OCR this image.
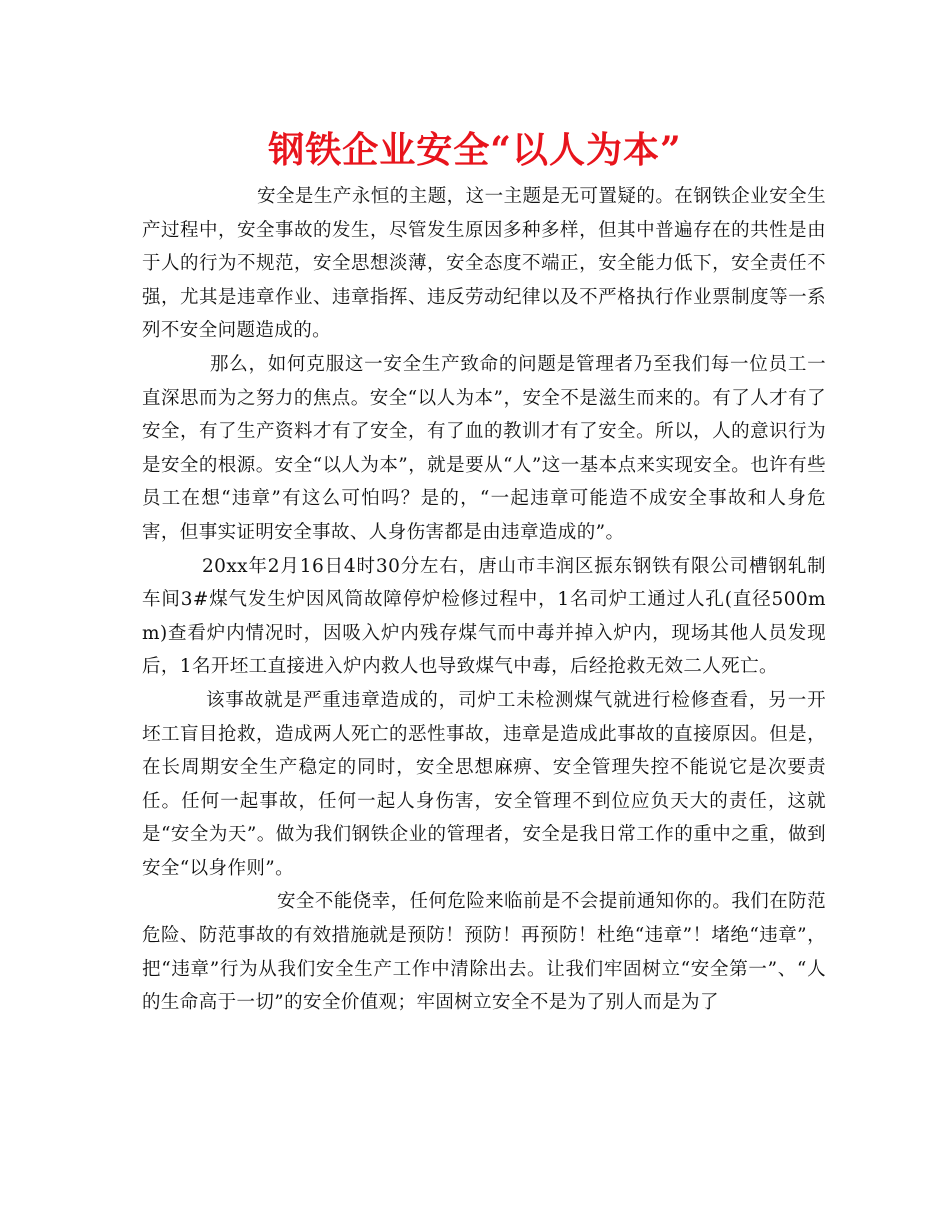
钢铁企业安全“以人为本”

安全是生产永恒的主题，这一主题是无可置疑的。在钢铁企业安全生产过程中，安全事故的发生，尽管发生原因多种多样，但其中普遍存在的共性是由于人的行为不规范，安全思想淡薄，安全态度不端正，安全能力低下，安全责任不强，尤其是违章作业、违章指挥、违反劳动纪律以及不严格执行作业票制度等一系列不安全问题造成的。

那么，如何克服这一安全生产致命的问题是管理者乃至我们每一位员工一直深思而为之努力的焦点。安全“以人为本”，安全不是滋生而来的。有了人才有了安全，有了生产资料才有了安全，有了血的教训才有了安全。所以，人的意识行为是安全的根源。安全“以人为本”，就是要从“人”这一基本点来实现安全。也许有些员工在想“违章”有这么可怕吗？是的，“一起违章可能造不成安全事故和人身危害，但事实证明安全事故、人身伤害都是由违章造成的”。

20xx年2月16日4时30分左右，唐山市丰润区振东钢铁有限公司槽钢轧制车间3#煤气发生炉因风筒故障停炉检修过程中，1名司炉工通过人孔(直径500mm)查看炉内情况时，因吸入炉内残存煤气而中毒并掉入炉内，现场其他人员发现后，1名开坯工直接进入炉内救人也导致煤气中毒，后经抢救无效二人死亡。

该事故就是严重违章造成的，司炉工未检测煤气就进行检修查看，另一开坯工盲目抢救，造成两人死亡的恶性事故，违章是造成此事故的直接原因。但是，在长周期安全生产稳定的同时，安全思想麻痹、安全管理失控不能说它是次要责任。任何一起事故，任何一起人身伤害，安全管理不到位应负天大的责任，这就是“安全为天”。做为我们钢铁企业的管理者，安全是我日常工作的重中之重，做到安全“以身作则”。

安全不能侥幸，任何危险来临前是不会提前通知你的。我们在防范危险、防范事故的有效措施就是预防！预防！再预防！杜绝“违章”！堵绝“违章”，把“违章”行为从我们安全生产工作中清除出去。让我们牢固树立“安全第一”、“人的生命高于一切”的安全价值观；牢固树立安全不是为了别人而是为了
